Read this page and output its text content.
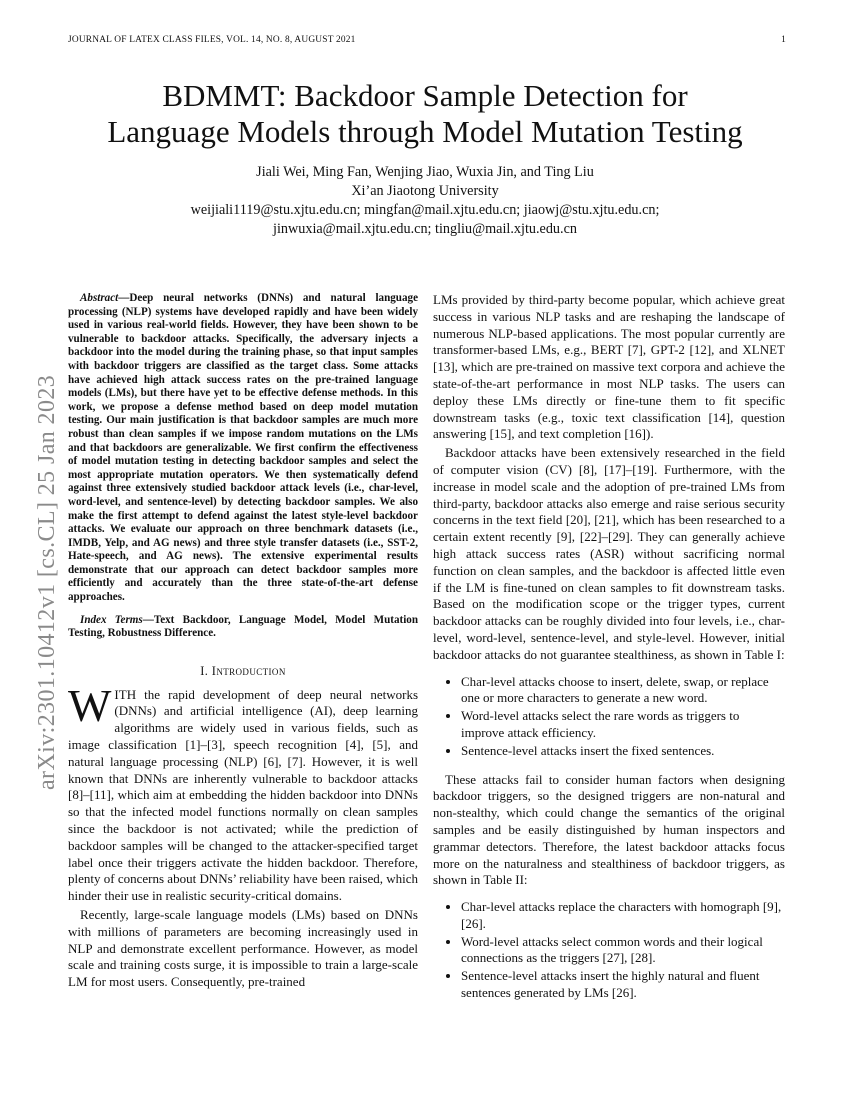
JOURNAL OF LATEX CLASS FILES, VOL. 14, NO. 8, AUGUST 2021	1
arXiv:2301.10412v1 [cs.CL] 25 Jan 2023
BDMMT: Backdoor Sample Detection for
Language Models through Model Mutation Testing
Jiali Wei, Ming Fan, Wenjing Jiao, Wuxia Jin, and Ting Liu
Xi’an Jiaotong University
weijiali1119@stu.xjtu.edu.cn; mingfan@mail.xjtu.edu.cn; jiaowj@stu.xjtu.edu.cn;
jinwuxia@mail.xjtu.edu.cn; tingliu@mail.xjtu.edu.cn

Abstract—Deep neural networks (DNNs) and natural language processing (NLP) systems have developed rapidly and have been widely used in various real-world fields. However, they have been shown to be vulnerable to backdoor attacks. Specifically, the adversary injects a backdoor into the model during the training phase, so that input samples with backdoor triggers are classified as the target class. Some attacks have achieved high attack success rates on the pre-trained language models (LMs), but there have yet to be effective defense methods. In this work, we propose a defense method based on deep model mutation testing. Our main justification is that backdoor samples are much more robust than clean samples if we impose random mutations on the LMs and that backdoors are generalizable. We first confirm the effectiveness of model mutation testing in detecting backdoor samples and select the most appropriate mutation operators. We then systematically defend against three extensively studied backdoor attack levels (i.e., char-level, word-level, and sentence-level) by detecting backdoor samples. We also make the first attempt to defend against the latest style-level backdoor attacks. We evaluate our approach on three benchmark datasets (i.e., IMDB, Yelp, and AG news) and three style transfer datasets (i.e., SST-2, Hate-speech, and AG news). The extensive experimental results demonstrate that our approach can detect backdoor samples more efficiently and accurately than the three state-of-the-art defense approaches.

Index Terms—Text Backdoor, Language Model, Model Mutation Testing, Robustness Difference.

I. Introduction

WITH the rapid development of deep neural networks (DNNs) and artificial intelligence (AI), deep learning algorithms are widely used in various fields, such as image classification [1]–[3], speech recognition [4], [5], and natural language processing (NLP) [6], [7]. However, it is well known that DNNs are inherently vulnerable to backdoor attacks [8]–[11], which aim at embedding the hidden backdoor into DNNs so that the infected model functions normally on clean samples since the backdoor is not activated; while the prediction of backdoor samples will be changed to the attacker-specified target label once their triggers activate the hidden backdoor. Therefore, plenty of concerns about DNNs’ reliability have been raised, which hinder their use in realistic security-critical domains.

Recently, large-scale language models (LMs) based on DNNs with millions of parameters are becoming increasingly used in NLP and demonstrate excellent performance. However, as model scale and training costs surge, it is impossible to train a large-scale LM for most users. Consequently, pre-trained

LMs provided by third-party become popular, which achieve great success in various NLP tasks and are reshaping the landscape of numerous NLP-based applications. The most popular currently are transformer-based LMs, e.g., BERT [7], GPT-2 [12], and XLNET [13], which are pre-trained on massive text corpora and achieve the state-of-the-art performance in most NLP tasks. The users can deploy these LMs directly or fine-tune them to fit specific downstream tasks (e.g., toxic text classification [14], question answering [15], and text completion [16]).

Backdoor attacks have been extensively researched in the field of computer vision (CV) [8], [17]–[19]. Furthermore, with the increase in model scale and the adoption of pre-trained LMs from third-party, backdoor attacks also emerge and raise serious security concerns in the text field [20], [21], which has been researched to a certain extent recently [9], [22]–[29]. They can generally achieve high attack success rates (ASR) without sacrificing normal function on clean samples, and the backdoor is affected little even if the LM is fine-tuned on clean samples to fit downstream tasks. Based on the modification scope or the trigger types, current backdoor attacks can be roughly divided into four levels, i.e., char-level, word-level, sentence-level, and style-level. However, initial backdoor attacks do not guarantee stealthiness, as shown in Table I:

• Char-level attacks choose to insert, delete, swap, or replace one or more characters to generate a new word.
• Word-level attacks select the rare words as triggers to improve attack efficiency.
• Sentence-level attacks insert the fixed sentences.

These attacks fail to consider human factors when designing backdoor triggers, so the designed triggers are non-natural and non-stealthy, which could change the semantics of the original samples and be easily distinguished by human inspectors and grammar detectors. Therefore, the latest backdoor attacks focus more on the naturalness and stealthiness of backdoor triggers, as shown in Table II:

• Char-level attacks replace the characters with homograph [9], [26].
• Word-level attacks select common words and their logical connections as the triggers [27], [28].
• Sentence-level attacks insert the highly natural and fluent sentences generated by LMs [26].
